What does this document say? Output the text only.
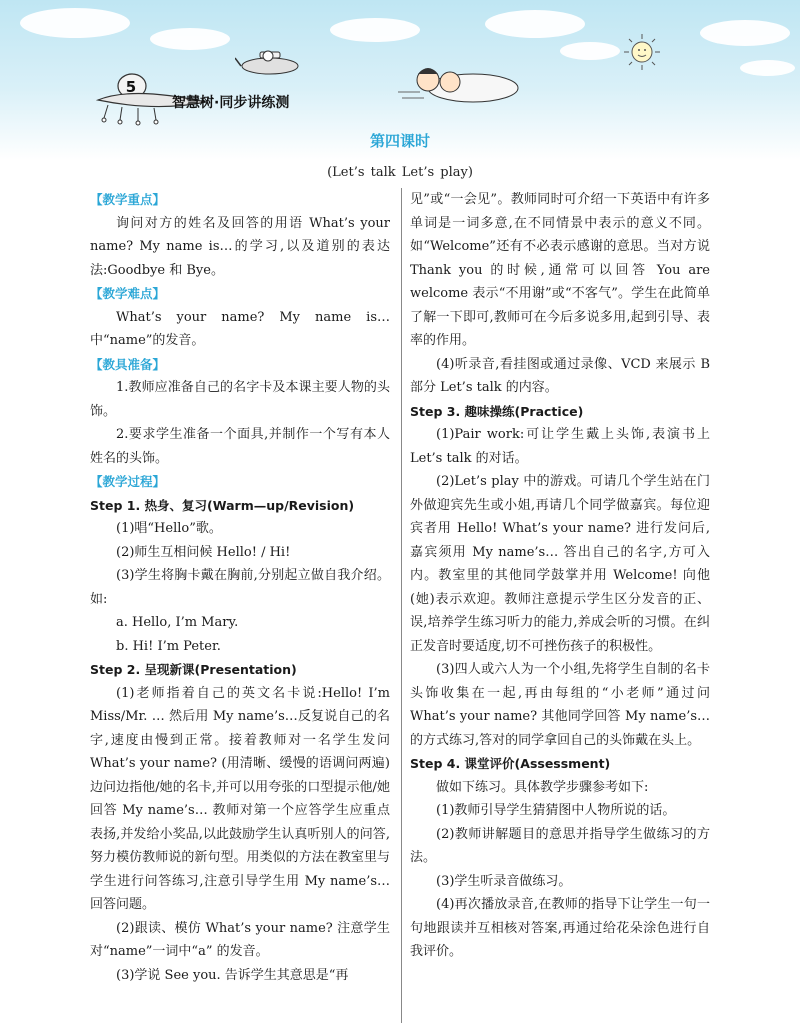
5
智慧树·同步讲练测
第四课时
(Let’s talk Let’s play)

【教学重点】

询问对方的姓名及回答的用语 What’s your name? My name is…的学习,以及道别的表达法:Goodbye 和 Bye。

【教学难点】

What’s your name? My name is… 中“name”的发音。

【教具准备】

1.教师应准备自己的名字卡及本课主要人物的头饰。

2.要求学生准备一个面具,并制作一个写有本人姓名的头饰。

【教学过程】

Step 1. 热身、复习(Warm—up/Revision)

(1)唱“Hello”歌。

(2)师生互相问候 Hello! / Hi!

(3)学生将胸卡戴在胸前,分别起立做自我介绍。如:

a. Hello, I’m Mary.

b. Hi! I’m Peter.

Step 2. 呈现新课(Presentation)

(1)老师指着自己的英文名卡说:Hello! I’m Miss/Mr. … 然后用 My name’s…反复说自己的名字,速度由慢到正常。接着教师对一名学生发问 What’s your name? (用清晰、缓慢的语调问两遍)边问边指他/她的名卡,并可以用夸张的口型提示他/她回答 My name’s… 教师对第一个应答学生应重点表扬,并发给小奖品,以此鼓励学生认真听别人的问答,努力模仿教师说的新句型。用类似的方法在教室里与学生进行问答练习,注意引导学生用 My name’s…回答问题。

(2)跟读、模仿 What’s your name? 注意学生对“name”一词中“a” 的发音。

(3)学说 See you. 告诉学生其意思是“再

见”或“一会见”。教师同时可介绍一下英语中有许多单词是一词多意,在不同情景中表示的意义不同。如“Welcome”还有不必表示感谢的意思。当对方说 Thank you 的时候,通常可以回答 You are welcome 表示“不用谢”或“不客气”。学生在此简单了解一下即可,教师可在今后多说多用,起到引导、表率的作用。

(4)听录音,看挂图或通过录像、VCD 来展示 B 部分 Let’s talk 的内容。

Step 3. 趣味操练(Practice)

(1)Pair work:可让学生戴上头饰,表演书上 Let’s talk 的对话。

(2)Let’s play 中的游戏。可请几个学生站在门外做迎宾先生或小姐,再请几个同学做嘉宾。每位迎宾者用 Hello! What’s your name? 进行发问后,嘉宾须用 My name’s… 答出自己的名字,方可入内。教室里的其他同学鼓掌并用 Welcome! 向他(她)表示欢迎。教师注意提示学生区分发音的正、误,培养学生练习听力的能力,养成会听的习惯。在纠正发音时要适度,切不可挫伤孩子的积极性。

(3)四人或六人为一个小组,先将学生自制的名卡头饰收集在一起,再由每组的“小老师”通过问 What’s your name? 其他同学回答 My name’s… 的方式练习,答对的同学拿回自己的头饰戴在头上。

Step 4. 课堂评价(Assessment)

做如下练习。具体教学步骤参考如下:

(1)教师引导学生猜猜图中人物所说的话。

(2)教师讲解题目的意思并指导学生做练习的方法。

(3)学生听录音做练习。

(4)再次播放录音,在教师的指导下让学生一句一句地跟读并互相核对答案,再通过给花朵涂色进行自我评价。
